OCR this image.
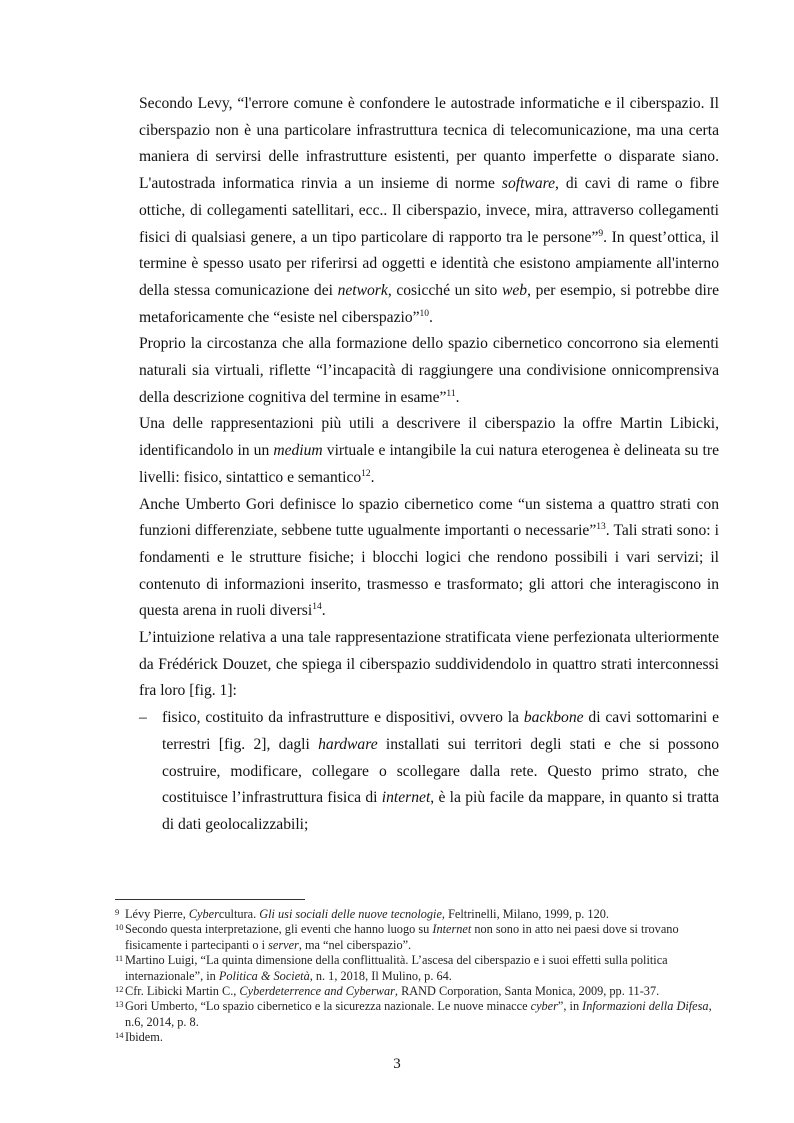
Secondo Levy, “l'errore comune è confondere le autostrade informatiche e il ciberspazio. Il ciberspazio non è una particolare infrastruttura tecnica di telecomunicazione, ma una certa maniera di servirsi delle infrastrutture esistenti, per quanto imperfette o disparate siano. L'autostrada informatica rinvia a un insieme di norme software, di cavi di rame o fibre ottiche, di collegamenti satellitari, ecc.. Il ciberspazio, invece, mira, attraverso collegamenti fisici di qualsiasi genere, a un tipo particolare di rapporto tra le persone”$^9$. In quest’ottica, il termine è spesso usato per riferirsi ad oggetti e identità che esistono ampiamente all'interno della stessa comunicazione dei network, cosicché un sito web, per esempio, si potrebbe dire metaforicamente che “esiste nel ciberspazio”$^{10}$.

Proprio la circostanza che alla formazione dello spazio cibernetico concorrono sia elementi naturali sia virtuali, riflette “l’incapacità di raggiungere una condivisione onnicomprensiva della descrizione cognitiva del termine in esame”$^{11}$.

Una delle rappresentazioni più utili a descrivere il ciberspazio la offre Martin Libicki, identificandolo in un medium virtuale e intangibile la cui natura eterogenea è delineata su tre livelli: fisico, sintattico e semantico$^{12}$.

Anche Umberto Gori definisce lo spazio cibernetico come “un sistema a quattro strati con funzioni differenziate, sebbene tutte ugualmente importanti o necessarie”$^{13}$. Tali strati sono: i fondamenti e le strutture fisiche; i blocchi logici che rendono possibili i vari servizi; il contenuto di informazioni inserito, trasmesso e trasformato; gli attori che interagiscono in questa arena in ruoli diversi$^{14}$.

L’intuizione relativa a una tale rappresentazione stratificata viene perfezionata ulteriormente da Frédérick Douzet, che spiega il ciberspazio suddividendolo in quattro strati interconnessi fra loro [fig. 1]:

– fisico, costituito da infrastrutture e dispositivi, ovvero la backbone di cavi sottomarini e terrestri [fig. 2], dagli hardware installati sui territori degli stati e che si possono costruire, modificare, collegare o scollegare dalla rete. Questo primo strato, che costituisce l’infrastruttura fisica di internet, è la più facile da mappare, in quanto si tratta di dati geolocalizzabili;
9 Lévy Pierre, Cybercultura. Gli usi sociali delle nuove tecnologie, Feltrinelli, Milano, 1999, p. 120.
10 Secondo questa interpretazione, gli eventi che hanno luogo su Internet non sono in atto nei paesi dove si trovano fisicamente i partecipanti o i server, ma “nel ciberspazio”.
11 Martino Luigi, “La quinta dimensione della conflittualità. L’ascesa del ciberspazio e i suoi effetti sulla politica internazionale”, in Politica & Società, n. 1, 2018, Il Mulino, p. 64.
12 Cfr. Libicki Martin C., Cyberdeterrence and Cyberwar, RAND Corporation, Santa Monica, 2009, pp. 11-37.
13 Gori Umberto, “Lo spazio cibernetico e la sicurezza nazionale. Le nuove minacce cyber”, in Informazioni della Difesa, n.6, 2014, p. 8.
14 Ibidem.
3
